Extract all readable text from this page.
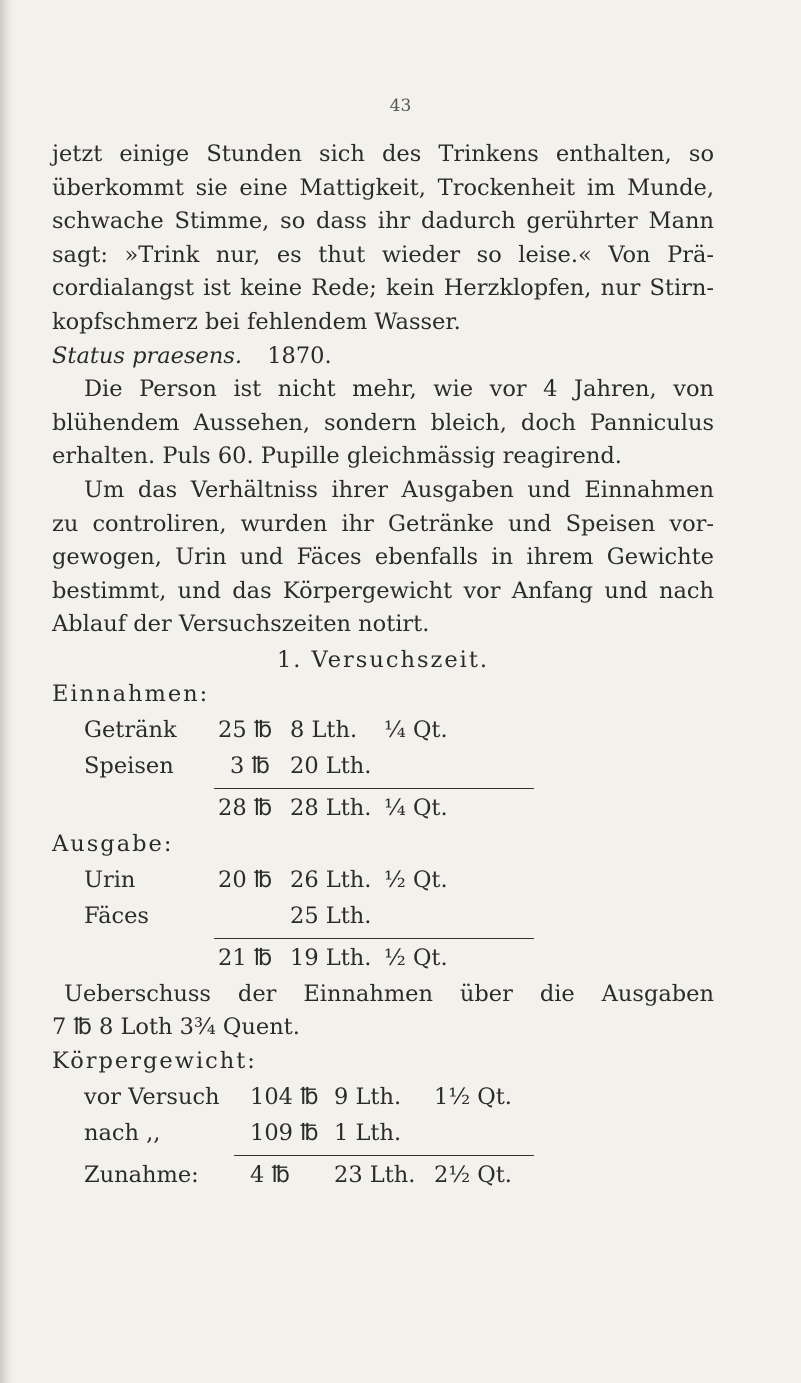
43
jetzt einige Stunden sich des Trinkens enthalten, so
überkommt sie eine Mattigkeit, Trockenheit im Munde,
schwache Stimme, so dass ihr dadurch gerührter Mann
sagt: »Trink nur, es thut wieder so leise.« Von Prä-
cordialangst ist keine Rede; kein Herzklopfen, nur Stirn-
kopfschmerz bei fehlendem Wasser.
Status praesens. 1870.
Die Person ist nicht mehr, wie vor 4 Jahren, von
blühendem Aussehen, sondern bleich, doch Panniculus
erhalten. Puls 60. Pupille gleichmässig reagirend.
Um das Verhältniss ihrer Ausgaben und Einnahmen
zu controliren, wurden ihr Getränke und Speisen vor-
gewogen, Urin und Fäces ebenfalls in ihrem Gewichte
bestimmt, und das Körpergewicht vor Anfang und nach
Ablauf der Versuchszeiten notirt.
1. Versuchszeit.
Einnahmen:
Getränk 25 ℔ 8 Lth. ¼ Qt.
Speisen	3 ℔ 20 Lth.
28 ℔ 28 Lth. ¼ Qt.
Ausgabe:
Urin	20 ℔ 26 Lth. ½ Qt.
Fäces	25 Lth.
21 ℔ 19 Lth. ½ Qt.
Ueberschuss der Einnahmen über die Ausgaben
7 ℔ 8 Loth 3¾ Quent.
Körpergewicht:
vor Versuch 104 ℔ 9 Lth. 1½ Qt.
nach ,,	109 ℔ 1 Lth.
Zunahme: 4 ℔ 23 Lth. 2½ Qt.
